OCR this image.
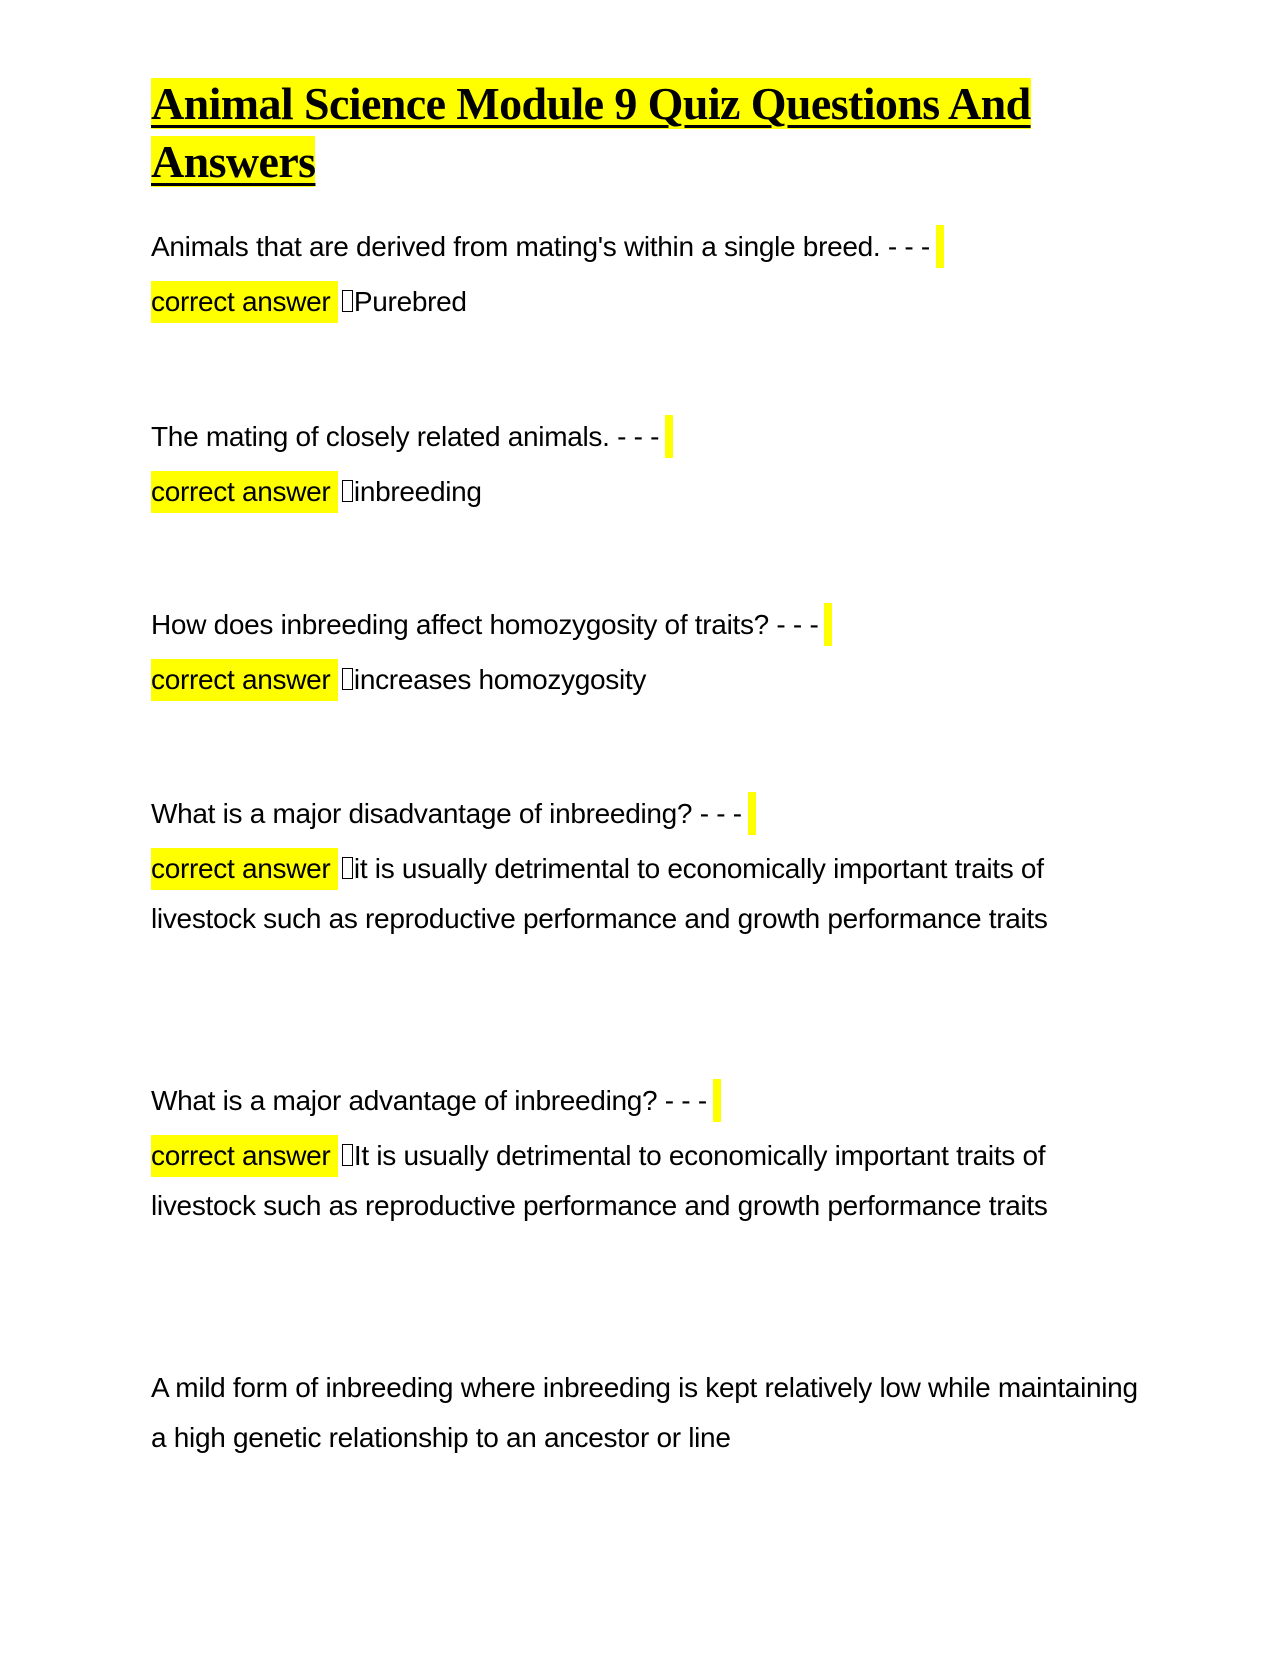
Animal Science Module 9 Quiz Questions And Answers
Animals that are derived from mating's within a single breed. - - -
correct answer Purebred
The mating of closely related animals. - - -
correct answer inbreeding
How does inbreeding affect homozygosity of traits? - - -
correct answer increases homozygosity
What is a major disadvantage of inbreeding? - - -
correct answer it is usually detrimental to economically important traits of livestock such as reproductive performance and growth performance traits
What is a major advantage of inbreeding? - - -
correct answer It is usually detrimental to economically important traits of livestock such as reproductive performance and growth performance traits
A mild form of inbreeding where inbreeding is kept relatively low while maintaining a high genetic relationship to an ancestor or line
